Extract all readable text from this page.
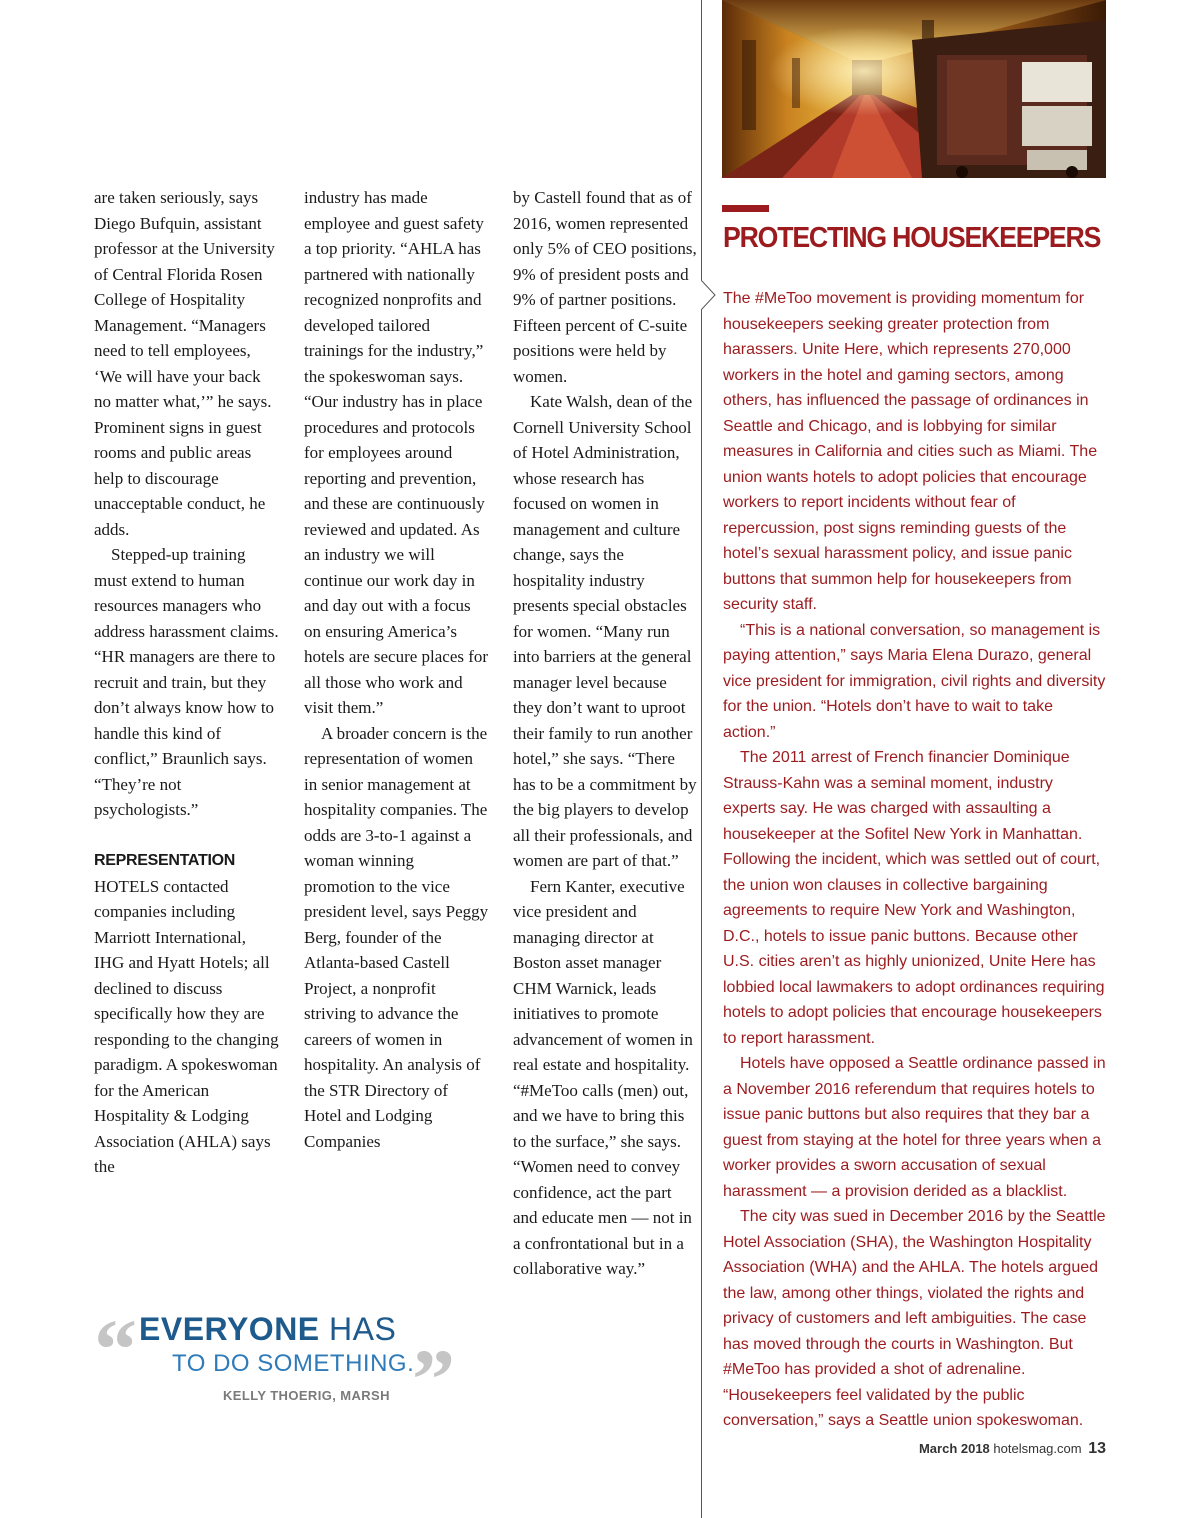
are taken seriously, says Diego Bufquin, assistant professor at the University of Central Florida Rosen College of Hospitality Management. “Managers need to tell employees, ‘We will have your back no matter what,’” he says. Prominent signs in guest rooms and public areas help to discourage unacceptable conduct, he adds.

Stepped-up training must extend to human resources managers who address harassment claims. “HR managers are there to recruit and train, but they don’t always know how to handle this kind of conflict,” Braunlich says. “They’re not psychologists.”

REPRESENTATION

HOTELS contacted companies including Marriott International, IHG and Hyatt Hotels; all declined to discuss specifically how they are responding to the changing paradigm. A spokeswoman for the American Hospitality & Lodging Association (AHLA) says the

industry has made employee and guest safety a top priority. “AHLA has partnered with nationally recognized nonprofits and developed tailored trainings for the industry,” the spokeswoman says. “Our industry has in place procedures and protocols for employees around reporting and prevention, and these are continuously reviewed and updated. As an industry we will continue our work day in and day out with a focus on ensuring America’s hotels are secure places for all those who work and visit them.”

A broader concern is the representation of women in senior management at hospitality companies. The odds are 3-to-1 against a woman winning promotion to the vice president level, says Peggy Berg, founder of the Atlanta-based Castell Project, a nonprofit striving to advance the careers of women in hospitality. An analysis of the STR Directory of Hotel and Lodging Companies

by Castell found that as of 2016, women represented only 5% of CEO positions, 9% of president posts and 9% of partner positions. Fifteen percent of C-suite positions were held by women.

Kate Walsh, dean of the Cornell University School of Hotel Administration, whose research has focused on women in management and culture change, says the hospitality industry presents special obstacles for women. “Many run into barriers at the general manager level because they don’t want to uproot their family to run another hotel,” she says. “There has to be a commitment by the big players to develop all their professionals, and women are part of that.”

Fern Kanter, executive vice president and managing director at Boston asset manager CHM Warnick, leads initiatives to promote advancement of women in real estate and hospitality. “#MeToo calls (men) out, and we have to bring this to the surface,” she says. “Women need to convey confidence, act the part and educate men — not in a confrontational but in a collaborative way.”

“ EVERYONE HAS
TO DO SOMETHING.
”
KELLY THOERIG, MARSH
PROTECTING HOUSEKEEPERS

The #MeToo movement is providing momentum for housekeepers seeking greater protection from harassers. Unite Here, which represents 270,000 workers in the hotel and gaming sectors, among others, has influenced the passage of ordinances in Seattle and Chicago, and is lobbying for similar measures in California and cities such as Miami. The union wants hotels to adopt policies that encourage workers to report incidents without fear of repercussion, post signs reminding guests of the hotel’s sexual harassment policy, and issue panic buttons that summon help for housekeepers from security staff.

“This is a national conversation, so management is paying attention,” says Maria Elena Durazo, general vice president for immigration, civil rights and diversity for the union. “Hotels don’t have to wait to take action.”

The 2011 arrest of French financier Dominique Strauss-Kahn was a seminal moment, industry experts say. He was charged with assaulting a housekeeper at the Sofitel New York in Manhattan. Following the incident, which was settled out of court, the union won clauses in collective bargaining agreements to require New York and Washington, D.C., hotels to issue panic buttons. Because other U.S. cities aren’t as highly unionized, Unite Here has lobbied local lawmakers to adopt ordinances requiring hotels to adopt policies that encourage housekeepers to report harassment.

Hotels have opposed a Seattle ordinance passed in a November 2016 referendum that requires hotels to issue panic buttons but also requires that they bar a guest from staying at the hotel for three years when a worker provides a sworn accusation of sexual harassment — a provision derided as a blacklist.

The city was sued in December 2016 by the Seattle Hotel Association (SHA), the Washington Hospitality Association (WHA) and the AHLA. The hotels argued the law, among other things, violated the rights and privacy of customers and left ambiguities. The case has moved through the courts in Washington. But #MeToo has provided a shot of adrenaline. “Housekeepers feel validated by the public conversation,” says a Seattle union spokeswoman.

March 2018 hotelsmag.com 13
